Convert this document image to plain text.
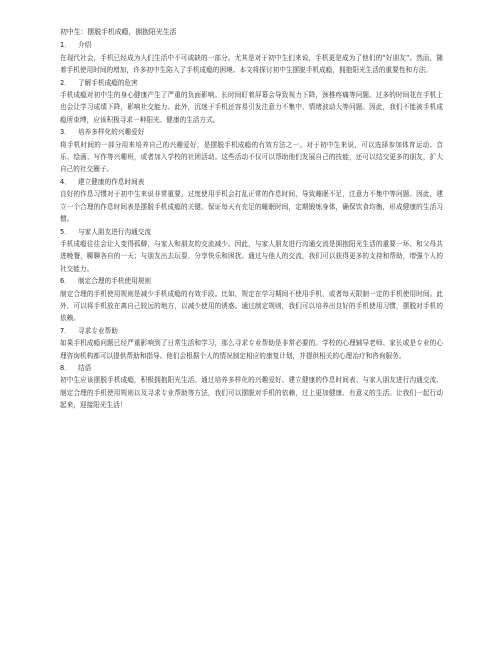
初中生：摆脱手机成瘾，拥抱阳光生活

1． 介绍

在现代社会，手机已经成为人们生活中不可或缺的一部分。尤其是对于初中生们来说，手机更是成为了他们的“好朋友”。然而，随着手机使用时间的增加，许多初中生陷入了手机成瘾的困境。本文将探讨初中生摆脱手机成瘾，拥抱阳光生活的重要性和方法。

2． 了解手机成瘾的危害

手机成瘾对初中生的身心健康产生了严重的负面影响。长时间盯着屏幕会导致视力下降，颈椎疼痛等问题。过多的时间花在手机上也会让学习成绩下降，影响社交能力。此外，沉迷于手机还容易引发注意力不集中、情绪波动大等问题。因此，我们不能被手机成瘾所束缚，应该积极寻求一种阳光、健康的生活方式。

3． 培养多样化的兴趣爱好

将手机时间的一部分用来培养自己的兴趣爱好，是摆脱手机成瘾的有效方法之一。对于初中生来说，可以选择参加体育运动、音乐、绘画、写作等兴趣班，或者加入学校的社团活动。这些活动不仅可以帮助他们发展自己的技能，还可以结交更多的朋友，扩大自己的社交圈子。

4． 建立健康的作息时间表

良好的作息习惯对于初中生来说非常重要。过度使用手机会打乱正常的作息时间，导致睡眠不足，注意力不集中等问题。因此，建立一个合理的作息时间表是摆脱手机成瘾的关键。保证每天有充足的睡眠时间，定期锻炼身体，确保饮食均衡，形成健康的生活习惯。

5． 与家人朋友进行沟通交流

手机成瘾往往会让人变得孤僻，与家人和朋友的交流减少。因此，与家人朋友进行沟通交流是拥抱阳光生活的重要一环。和父母共进晚餐，聊聊各自的一天；与朋友出去玩耍，分享快乐和困扰。通过与他人的交流，我们可以获得更多的支持和帮助，增强个人的社交能力。

6． 制定合理的手机使用规则

制定合理的手机使用规则是减少手机成瘾的有效手段。比如，规定在学习期间不使用手机，或者每天限制一定的手机使用时间。此外，可以将手机放在离自己较远的地方，以减少使用的诱惑。通过制定规则，我们可以培养出良好的手机使用习惯，摆脱对手机的依赖。

7． 寻求专业帮助

如果手机成瘾问题已经严重影响到了日常生活和学习，那么寻求专业帮助是非常必要的。学校的心理辅导老师、家长或是专业的心理咨询机构都可以提供帮助和指导。他们会根据个人的情况制定相应的康复计划，并提供相关的心理治疗和咨询服务。

8． 结语

初中生应该摆脱手机成瘾，积极拥抱阳光生活。通过培养多样化的兴趣爱好、建立健康的作息时间表、与家人朋友进行沟通交流、制定合理的手机使用规则以及寻求专业帮助等方法，我们可以摆脱对手机的依赖，过上更加健康、有意义的生活。让我们一起行动起来，迎接阳光生活！
